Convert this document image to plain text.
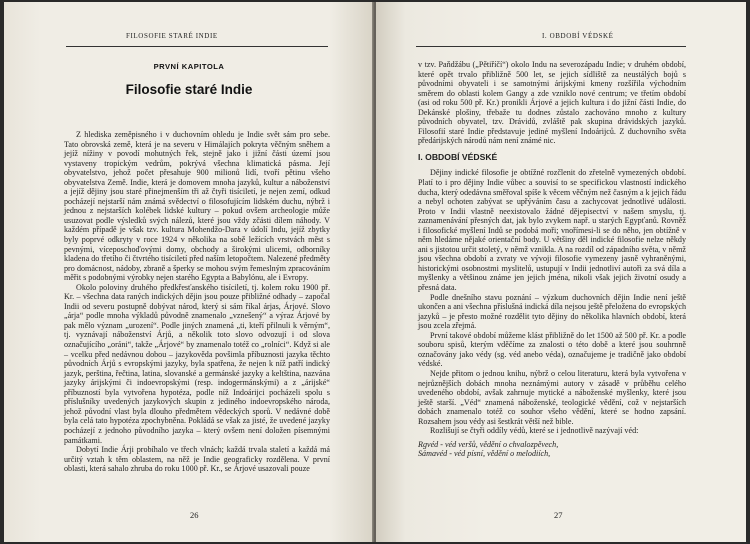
FILOSOFIE STARÉ INDIE
PRVNÍ KAPITOLA
Filosofie staré Indie

Z hlediska zeměpisného i v duchovním ohledu je Indie svět sám pro sebe. Tato obrovská země, která je na severu v Himálajích pokryta věčným sněhem a jejíž nížiny v povodí mohutných řek, stejně jako i jižní části území jsou vystaveny tropickým vedrům, pokrývá všechna klimatická pásma. Její obyvatelstvo, jehož počet přesahuje 900 milionů lidí, tvoří pětinu všeho obyvatelstva Země. Indie, která je domovem mnoha jazyků, kultur a náboženství a jejíž dějiny jsou staré přinejmenším tři až čtyři tisíciletí, je nejen zemí, odkud pocházejí nejstarší nám známá svědectví o filosofujícím lidském duchu, nýbrž i jednou z nejstarších kolébek lidské kultury – pokud ovšem archeologie může usuzovat podle výsledků svých nálezů, které jsou vždy zčásti dílem náhody. V každém případě je však tzv. kultura Mohendžo-Dara v údolí Indu, jejíž zbytky byly poprvé odkryty v roce 1924 v několika na sobě ležících vrstvách měst s pevnými, víceposchoďovými domy, obchody a širokými ulicemi, odborníky kladena do třetího či čtvrtého tisíciletí před naším letopočtem. Nalezené předměty pro domácnost, nádoby, zbraně a šperky se mohou svým řemeslným zpracováním měřit s podobnými výrobky nejen starého Egypta a Babylónu, ale i Evropy.

Okolo poloviny druhého předkřesťanského tisíciletí, tj. kolem roku 1900 př. Kr. – všechna data raných indických dějin jsou pouze přibližné odhady – započal Indii od severu postupně dobývat národ, který si sám říkal árjas, Árjové. Slovo „árja“ podle mnoha výkladů původně znamenalo „vznešený“ a výraz Árjové by pak mělo význam „urození“. Podle jiných znamená „ti, kteří přilnuli k věrným“, tj. vyznávají náboženství Árjů, a několik toto slovo odvozují i od slova označujícího „oráni“, takže „Árjové“ by znamenalo totéž co „rolníci“. Když si ale – vcelku před nedávnou dobou – jazykověda povšimla příbuznosti jazyka těchto původních Árjů s evropskými jazyky, byla spatřena, že nejen k níž patří indický jazyk, perština, řečtina, latina, slovanské a germánské jazyky a keltština, nazvána jazyky árijskými či indoevropskými (resp. indogermánskými) a z „árijské“ příbuzností byla vytvořena hypotéza, podle níž Indoárijci pocházeli spolu s příslušníky uvedených jazykových skupin z jediného indoevropského národa, jehož původní vlast byla dlouho předmětem vědeckých sporů. V nedávné době byla celá tato hypotéza zpochybněna. Pokládá se však za jisté, že uvedené jazyky pocházejí z jednoho původního jazyka – který ovšem není doložen písemnými památkami.

Dobytí Indie Árji probíhalo ve třech vlnách; každá trvala staletí a každá má určitý vztah k těm oblastem, na něž je Indie geograficky rozdělena. V první oblasti, která sahalo zhruba do roku 1000 př. Kr., se Árjové usazovali pouze

26
I. OBDOBÍ VÉDSKÉ

v tzv. Paňdžábu („Pětiříčí“) okolo Indu na severozápadu Indie; v druhém období, které opět trvalo přibližně 500 let, se jejich sídliště za neustálých bojů s původními obyvateli i se samotnými árijskými kmeny rozšířila východním směrem do oblasti kolem Gangy a zde vzniklo nové centrum; ve třetím období (asi od roku 500 př. Kr.) pronikli Árjové a jejich kultura i do jižní části Indie, do Dekánské plošiny, třebaže tu dodnes zůstalo zachováno mnoho z kultury původních obyvatel, tzv. Drávidů, zvláště pak skupina drávidských jazyků. Filosofií staré Indie představuje jediné myšlení Indoárijců. Z duchovního světa předárijských národů nám není známé nic.

I. OBDOBÍ VÉDSKÉ

Dějiny indické filosofie je obtížné rozčlenit do zřetelně vymezených období. Platí to i pro dějiny Indie vůbec a souvisí to se specifickou vlastností indického ducha, který odedávna směřoval spíše k věcem věčným než časným a k jejich řádu a nebyl ochoten zabývat se upřýváním času a zachycovat jednotlivé události. Proto v Indii vlastně neexistovalo žádné dějepisectví v našem smyslu, tj. zaznamenávání přesných dat, jak bylo zvykem např. u starých Egypťanů. Rovněž i filosofické myšlení Indů se podobá moři; vnořímesi-li se do něho, jen obtížně v něm hledáme nějaké orientační body. U většiny děl indické filosofie nelze někdy ani s jistotou určit stoletý, v němž vznikla. A na rozdíl od západního světa, v němž jsou všechna období a zvraty ve vývoji filosofie vymezeny jasně vyhraněnými, historickými osobnostmi myslitelů, ustupují v Indii jednotliví autoři za svá díla a myšlenky a většinou známe jen jejich jména, nikoli však jejich životní osudy a přesná data.

Podle dnešního stavu poznání – výzkum duchovních dějin Indie není ještě ukončen a ani všechna příslušná indická díla nejsou ještě přeložena do evropských jazyků – je přesto možné rozdělit tyto dějiny do několika hlavních období, která jsou zcela zřejmá.

První takové období můžeme klást přibližně do let 1500 až 500 př. Kr. a podle souboru spisů, kterým vděčíme za znalosti o této době a které jsou souhrnně označovány jako védy (sg. véd anebo véda), označujeme je tradičně jako období védské.

Nejde přitom o jednou knihu, nýbrž o celou literaturu, která byla vytvořena v nejrůznějších dobách mnoha neznámými autory v zásadě v průběhu celého uvedeného období, avšak zahrnuje mytické a náboženské myšlenky, které jsou ještě starší. „Véd“ znamená náboženské, teologické vědění, což v nejstarších dobách znamenalo totéž co souhor všeho vědění, které se hodno zapsání. Rozsahem jsou védy asi šestkrát větší než bible.

Rozlišují se čtyři oddíly védů, které se i jednotlivě nazývají véd:

Rgvéd - véd veršů, vědění o chvalozpěvech,
Sámavéd - véd písní, vědění o melodiích,
27
